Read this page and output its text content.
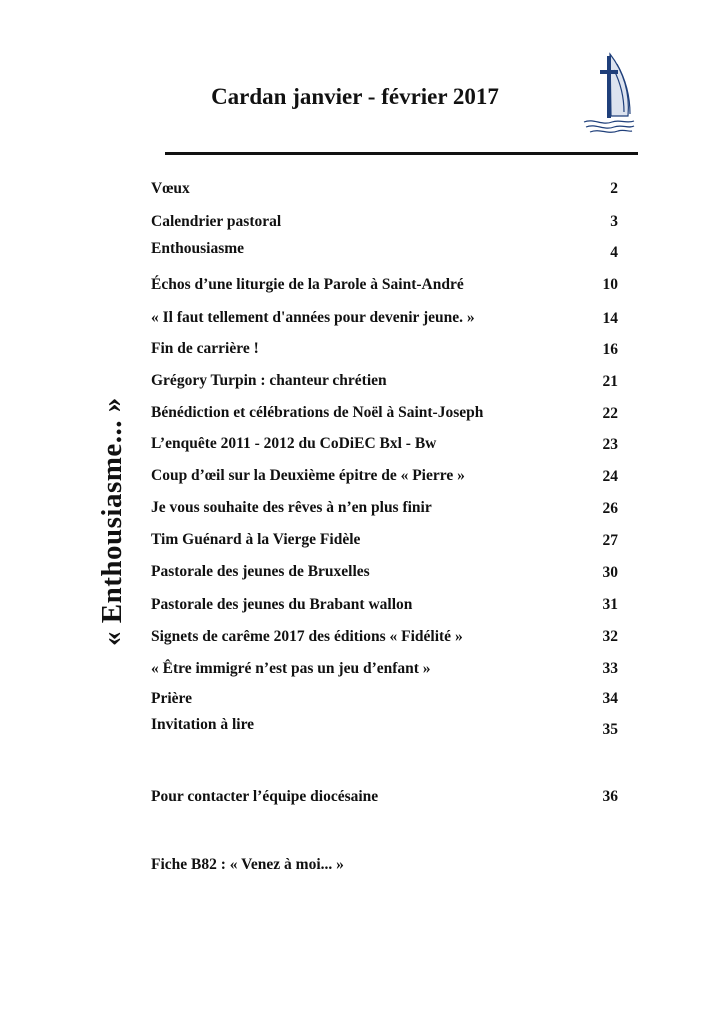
Cardan janvier - février 2017
« Enthousiasme... »
Vœux	2
Calendrier pastoral	3
Enthousiasme	4
Échos d’une liturgie de la Parole à Saint-André	10
« Il faut tellement d'années pour devenir jeune. »	14
Fin de carrière !	16
Grégory Turpin : chanteur chrétien	21
Bénédiction et célébrations de Noël à Saint-Joseph	22
L’enquête 2011 - 2012 du CoDiEC Bxl - Bw	23
Coup d’œil sur la Deuxième épitre de « Pierre »	24
Je vous souhaite des rêves à n’en plus finir	26
Tim Guénard à la Vierge Fidèle	27
Pastorale des jeunes de Bruxelles	30
Pastorale des jeunes du Brabant wallon	31
Signets de carême 2017 des éditions « Fidélité »	32
« Être immigré n’est pas un jeu d’enfant »	33
Prière	34
Invitation à lire	35
Pour contacter l’équipe diocésaine	36
Fiche B82 : « Venez à moi... »
